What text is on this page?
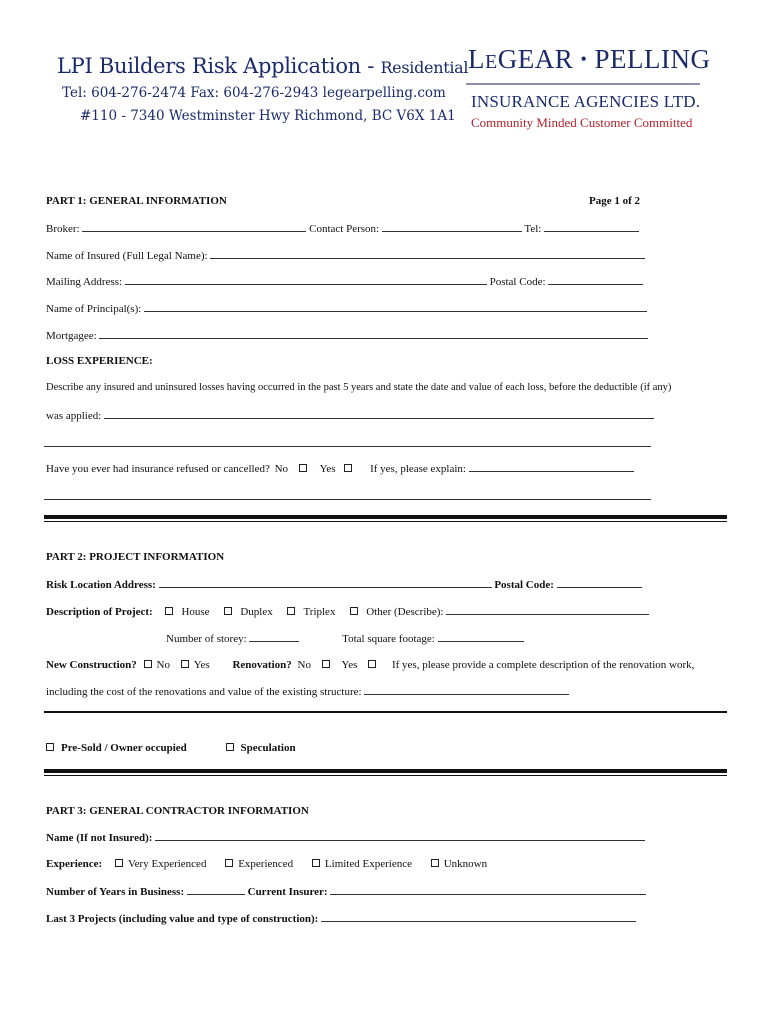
LPI Builders Risk Application - Residential
Tel: 604-276-2474 Fax: 604-276-2943 legearpelling.com
#110 - 7340 Westminster Hwy Richmond, BC V6X 1A1
LEGEAR • PELLING
INSURANCE AGENCIES LTD.
Community Minded Customer Committed
PART 1: GENERAL INFORMATION	Page 1 of 2
Broker:	Contact Person:	Tel:
Name of Insured (Full Legal Name):
Mailing Address:	Postal Code:
Name of Principal(s):
Mortgagee:
LOSS EXPERIENCE:
Describe any insured and uninsured losses having occurred in the past 5 years and state the date and value of each loss, before the deductible (if any)
was applied:
Have you ever had insurance refused or cancelled? No	Yes	If yes, please explain:
PART 2: PROJECT INFORMATION
Risk Location Address:	Postal Code:
Description of Project:	House	Duplex	Triplex	Other (Describe):
Number of storey:	Total square footage:
New Construction? No Yes Renovation? No	Yes	If yes, please provide a complete description of the renovation work,
including the cost of the renovations and value of the existing structure:
Pre-Sold / Owner occupied	Speculation
PART 3: GENERAL CONTRACTOR INFORMATION
Name (If not Insured):
Experience: Very Experienced	Experienced	Limited Experience	Unknown
Number of Years in Business:	Current Insurer:
Last 3 Projects (including value and type of construction):
